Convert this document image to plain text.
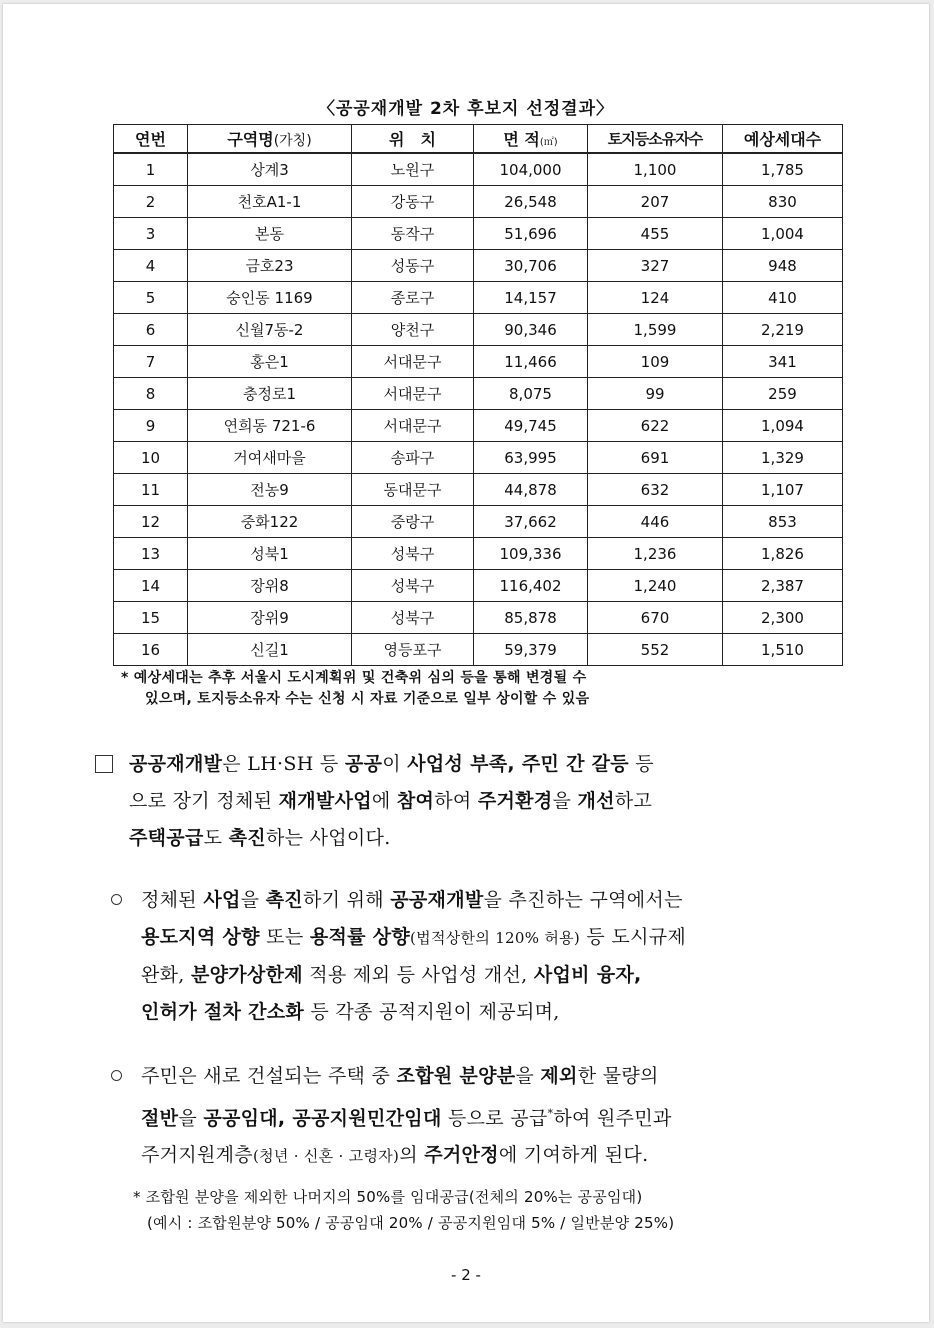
〈공공재개발 2차 후보지 선정결과〉
연번	구역명(가칭)	위　치	면 적(㎡)	토지등소유자수	예상세대수
1	상계3	노원구	104,000	1,100	1,785
2	천호A1-1	강동구	26,548	207	830
3	본동	동작구	51,696	455	1,004
4	금호23	성동구	30,706	327	948
5	숭인동 1169	종로구	14,157	124	410
6	신월7동-2	양천구	90,346	1,599	2,219
7	홍은1	서대문구	11,466	109	341
8	충정로1	서대문구	8,075	99	259
9	연희동 721-6	서대문구	49,745	622	1,094
10	거여새마을	송파구	63,995	691	1,329
11	전농9	동대문구	44,878	632	1,107
12	중화122	중랑구	37,662	446	853
13	성북1	성북구	109,336	1,236	1,826
14	장위8	성북구	116,402	1,240	2,387
15	장위9	성북구	85,878	670	2,300
16	신길1	영등포구	59,379	552	1,510
* 예상세대는 추후 서울시 도시계획위 및 건축위 심의 등을 통해 변경될 수
있으며, 토지등소유자 수는 신청 시 자료 기준으로 일부 상이할 수 있음
공공재개발은 LH·SH 등 공공이 사업성 부족, 주민 간 갈등 등
으로 장기 정체된 재개발사업에 참여하여 주거환경을 개선하고
주택공급도 촉진하는 사업이다.
정체된 사업을 촉진하기 위해 공공재개발을 추진하는 구역에서는
용도지역 상향 또는 용적률 상향(법적상한의 120% 허용) 등 도시규제
완화, 분양가상한제 적용 제외 등 사업성 개선, 사업비 융자,
인허가 절차 간소화 등 각종 공적지원이 제공되며,
주민은 새로 건설되는 주택 중 조합원 분양분을 제외한 물량의
절반을 공공임대, 공공지원민간임대 등으로 공급*하여 원주민과
주거지원계층(청년 · 신혼 · 고령자)의 주거안정에 기여하게 된다.
* 조합원 분양을 제외한 나머지의 50%를 임대공급(전체의 20%는 공공임대)
(예시 : 조합원분양 50% / 공공임대 20% / 공공지원임대 5% / 일반분양 25%)
- 2 -
